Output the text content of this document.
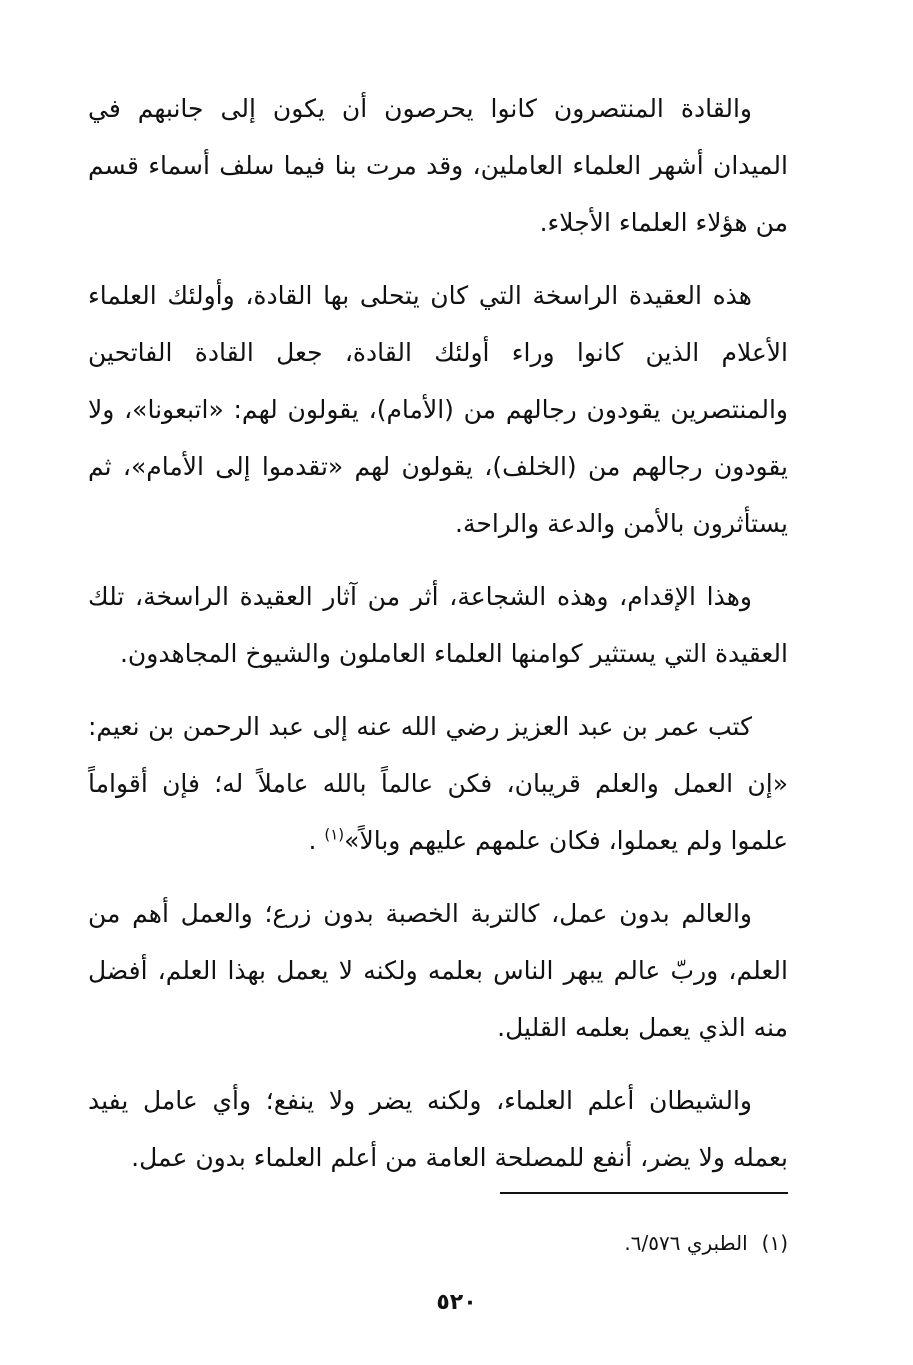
والقادة المنتصرون كانوا يحرصون أن يكون إلى جانبهم في الميدان أشهر العلماء العاملين، وقد مرت بنا فيما سلف أسماء قسم من هؤلاء العلماء الأجلاء.

هذه العقيدة الراسخة التي كان يتحلى بها القادة، وأولئك العلماء الأعلام الذين كانوا وراء أولئك القادة، جعل القادة الفاتحين والمنتصرين يقودون رجالهم من (الأمام)، يقولون لهم: «اتبعونا»، ولا يقودون رجالهم من (الخلف)، يقولون لهم «تقدموا إلى الأمام»، ثم يستأثرون بالأمن والدعة والراحة.

وهذا الإقدام، وهذه الشجاعة، أثر من آثار العقيدة الراسخة، تلك العقيدة التي يستثير كوامنها العلماء العاملون والشيوخ المجاهدون.

كتب عمر بن عبد العزيز رضي الله عنه إلى عبد الرحمن بن نعيم: «إن العمل والعلم قريبان، فكن عالماً بالله عاملاً له؛ فإن أقواماً علموا ولم يعملوا، فكان علمهم عليهم وبالاً»$^{(١)}$ .

والعالم بدون عمل، كالتربة الخصبة بدون زرع؛ والعمل أهم من العلم، وربّ عالم يبهر الناس بعلمه ولكنه لا يعمل بهذا العلم، أفضل منه الذي يعمل بعلمه القليل.

والشيطان أعلم العلماء، ولكنه يضر ولا ينفع؛ وأي عامل يفيد بعمله ولا يضر، أنفع للمصلحة العامة من أعلم العلماء بدون عمل.

(١)الطبري ٦/٥٧٦.

٥٢٠
